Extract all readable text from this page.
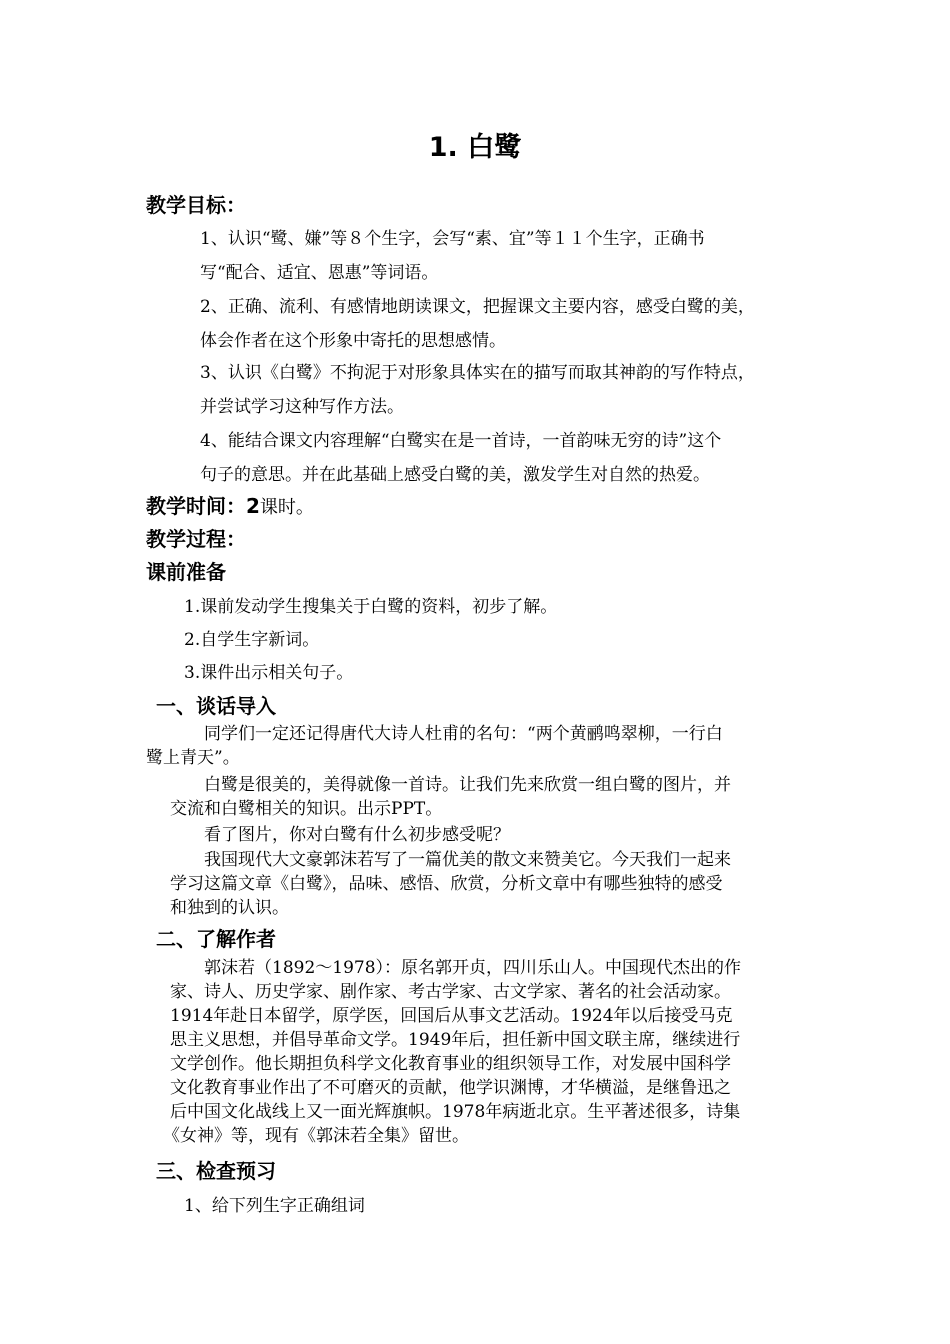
1. 白鹭
教学目标：
1、认识“鹭、嫌”等８个生字，会写“素、宜”等１１个生字，正确书
写“配合、适宜、恩惠”等词语。
2、正确、流利、有感情地朗读课文，把握课文主要内容，感受白鹭的美，
体会作者在这个形象中寄托的思想感情。
3、认识《白鹭》不拘泥于对形象具体实在的描写而取其神韵的写作特点，
并尝试学习这种写作方法。
4、能结合课文内容理解“白鹭实在是一首诗，一首韵味无穷的诗”这个
句子的意思。并在此基础上感受白鹭的美，激发学生对自然的热爱。
教学时间：2课时。
教学过程：
课前准备
1.课前发动学生搜集关于白鹭的资料，初步了解。
2.自学生字新词。
3.课件出示相关句子。
一、谈话导入
同学们一定还记得唐代大诗人杜甫的名句：“两个黄鹂鸣翠柳，一行白
鹭上青天”。
白鹭是很美的，美得就像一首诗。让我们先来欣赏一组白鹭的图片，并
交流和白鹭相关的知识。出示PPT。
看了图片，你对白鹭有什么初步感受呢？
我国现代大文豪郭沫若写了一篇优美的散文来赞美它。今天我们一起来
学习这篇文章《白鹭》，品味、感悟、欣赏，分析文章中有哪些独特的感受
和独到的认识。
二、了解作者
郭沫若（1892～1978）：原名郭开贞，四川乐山人。中国现代杰出的作
家、诗人、历史学家、剧作家、考古学家、古文学家、著名的社会活动家。
1914年赴日本留学，原学医，回国后从事文艺活动。1924年以后接受马克
思主义思想，并倡导革命文学。1949年后，担任新中国文联主席，继续进行
文学创作。他长期担负科学文化教育事业的组织领导工作，对发展中国科学
文化教育事业作出了不可磨灭的贡献，他学识渊博，才华横溢，是继鲁迅之
后中国文化战线上又一面光辉旗帜。1978年病逝北京。生平著述很多，诗集
《女神》等，现有《郭沫若全集》留世。
三、检查预习
1、给下列生字正确组词
